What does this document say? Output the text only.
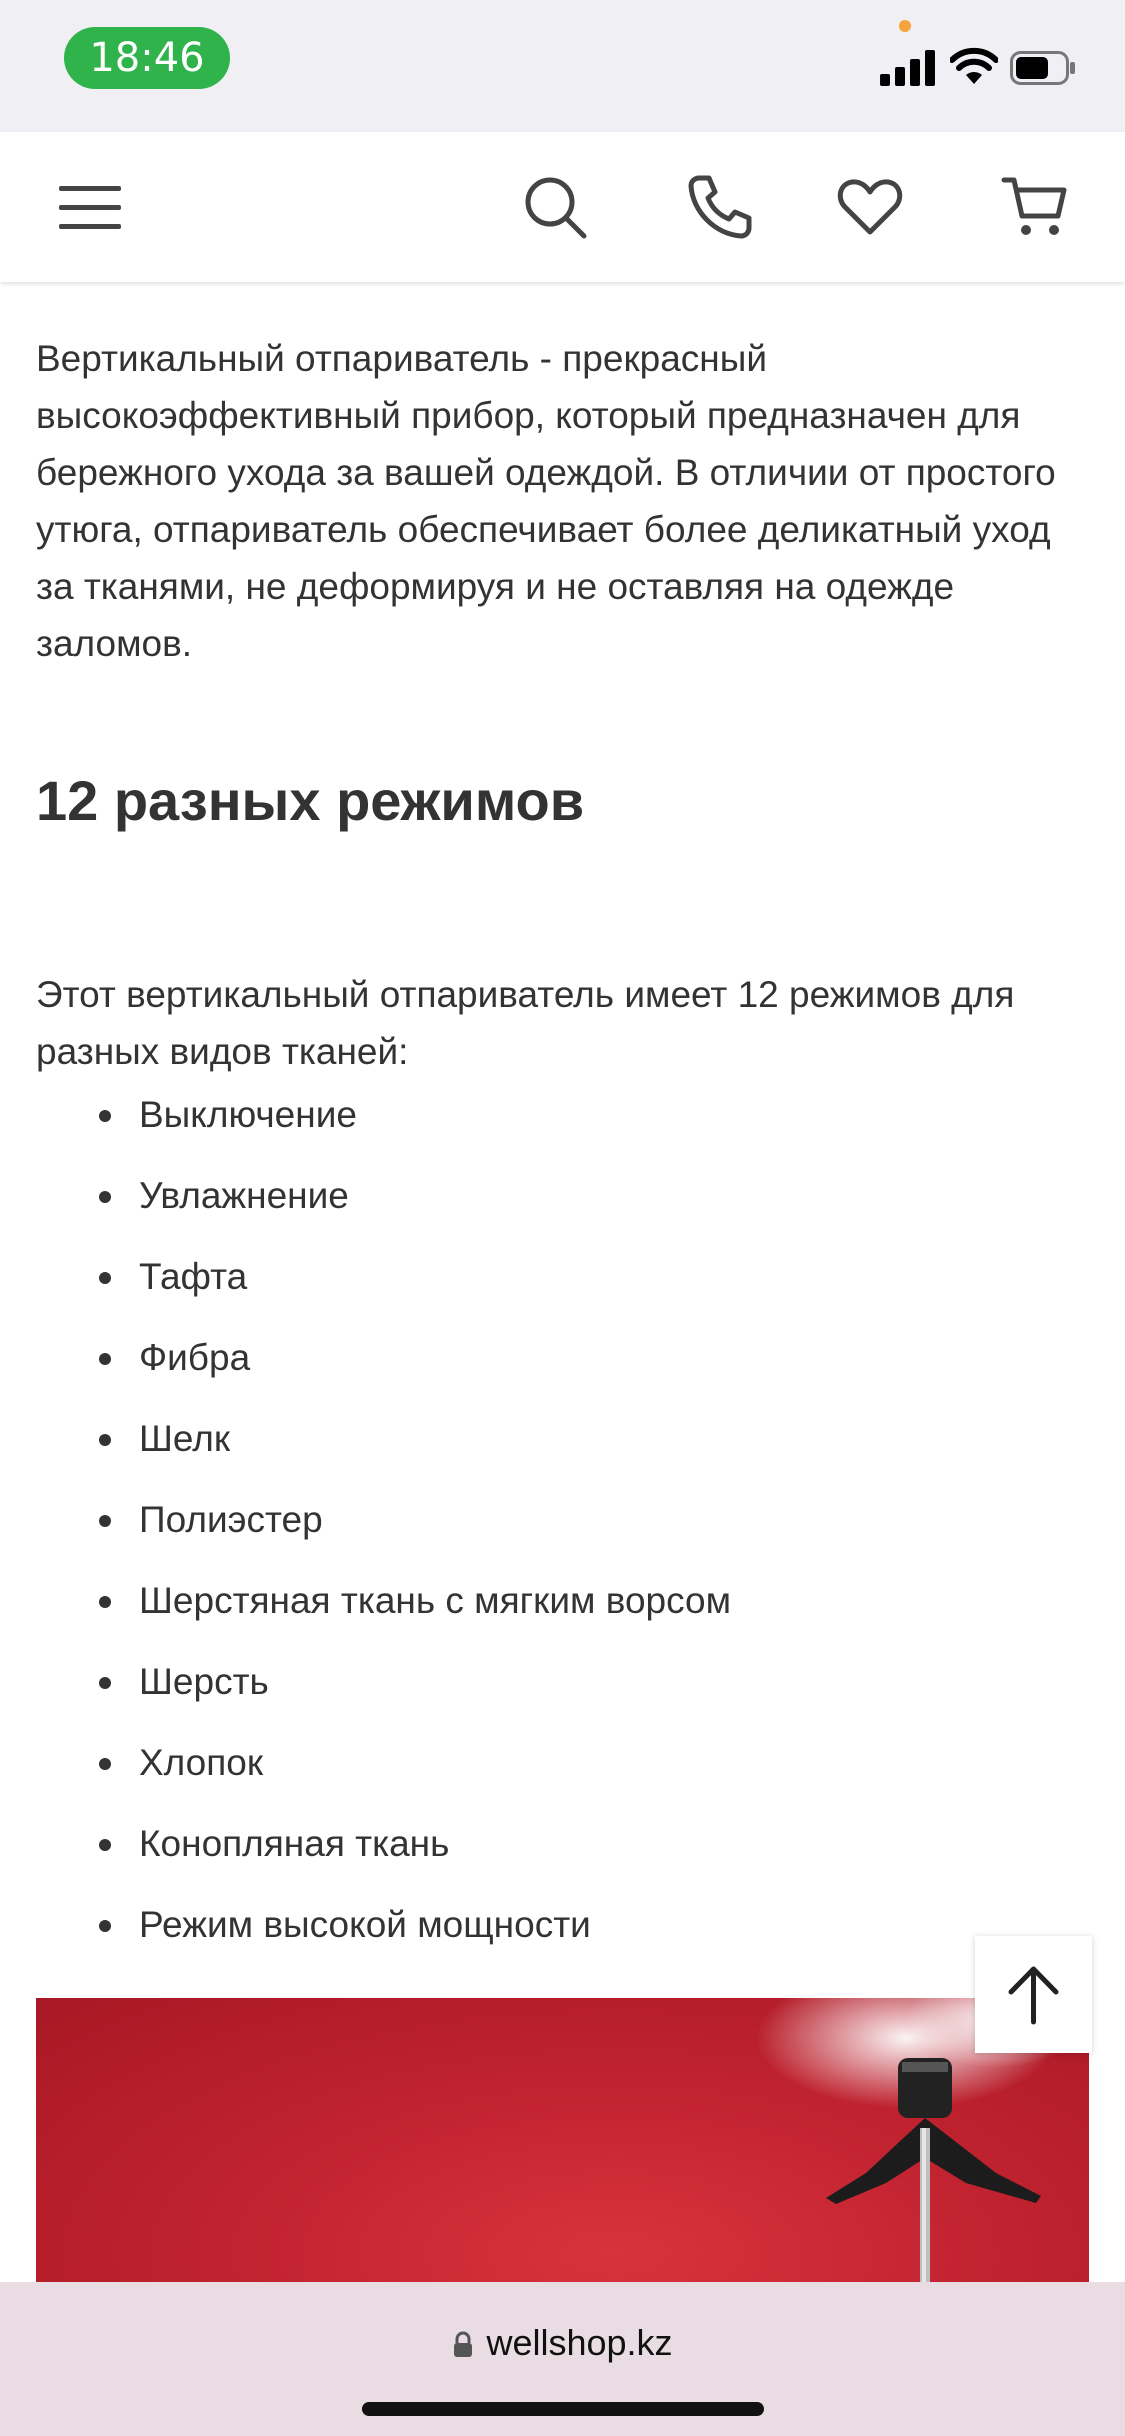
18:46
Вертикальный отпариватель - прекрасный высокоэффективный прибор, который предназначен для бережного ухода за вашей одеждой. В отличии от простого утюга, отпариватель обеспечивает более деликатный уход за тканями, не деформируя и не оставляя на одежде заломов.
12 разных режимов
Этот вертикальный отпариватель имеет 12 режимов для разных видов тканей:
Выключение
Увлажнение
Тафта
Фибра
Шелк
Полиэстер
Шерстяная ткань с мягким ворсом
Шерсть
Хлопок
Конопляная ткань
Режим высокой мощности
wellshop.kz
